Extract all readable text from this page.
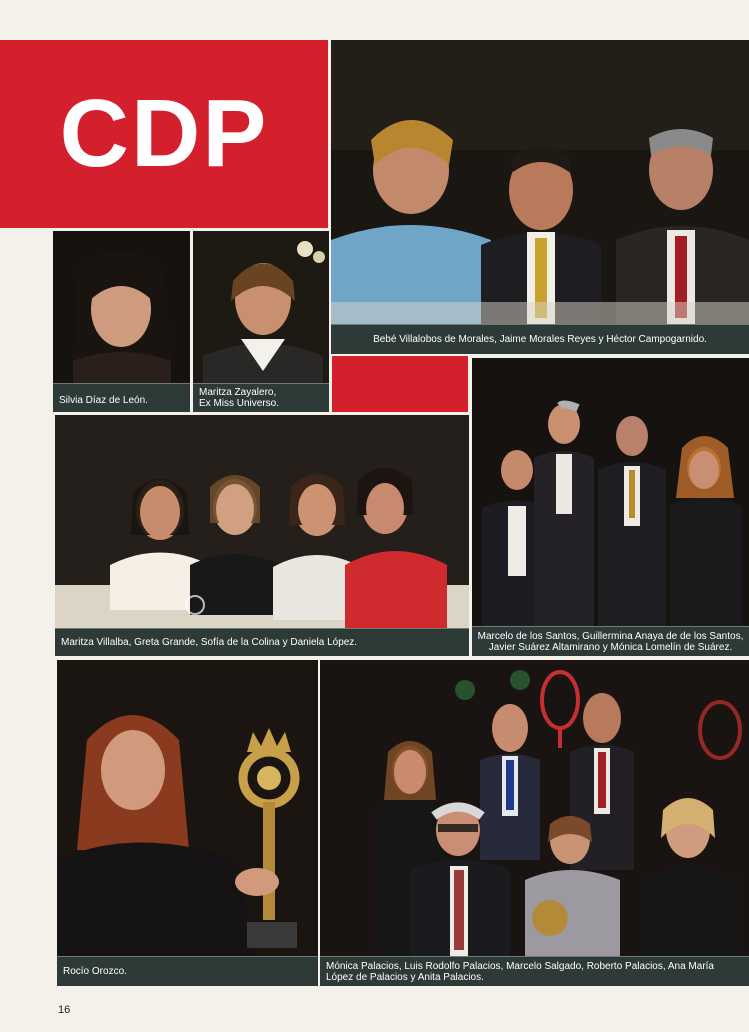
CDP
Bebé Villalobos de Morales, Jaime Morales Reyes y Héctor Campogarnido.
Silvia Díaz de León.
Maritza Zayalero,
Ex Miss Universo.
Maritza Villalba, Greta Grande, Sofía de la Colina y Daniela López.
Marcelo de los Santos, Guillermina Anaya de de los Santos,
Javier Suárez Altamirano y Mónica Lomelín de Suárez.
Rocío Orozco.	Mónica Palacios, Luis Rodolfo Palacios, Marcelo Salgado, Roberto Palacios, Ana María
López de Palacios y Anita Palacios.
16
